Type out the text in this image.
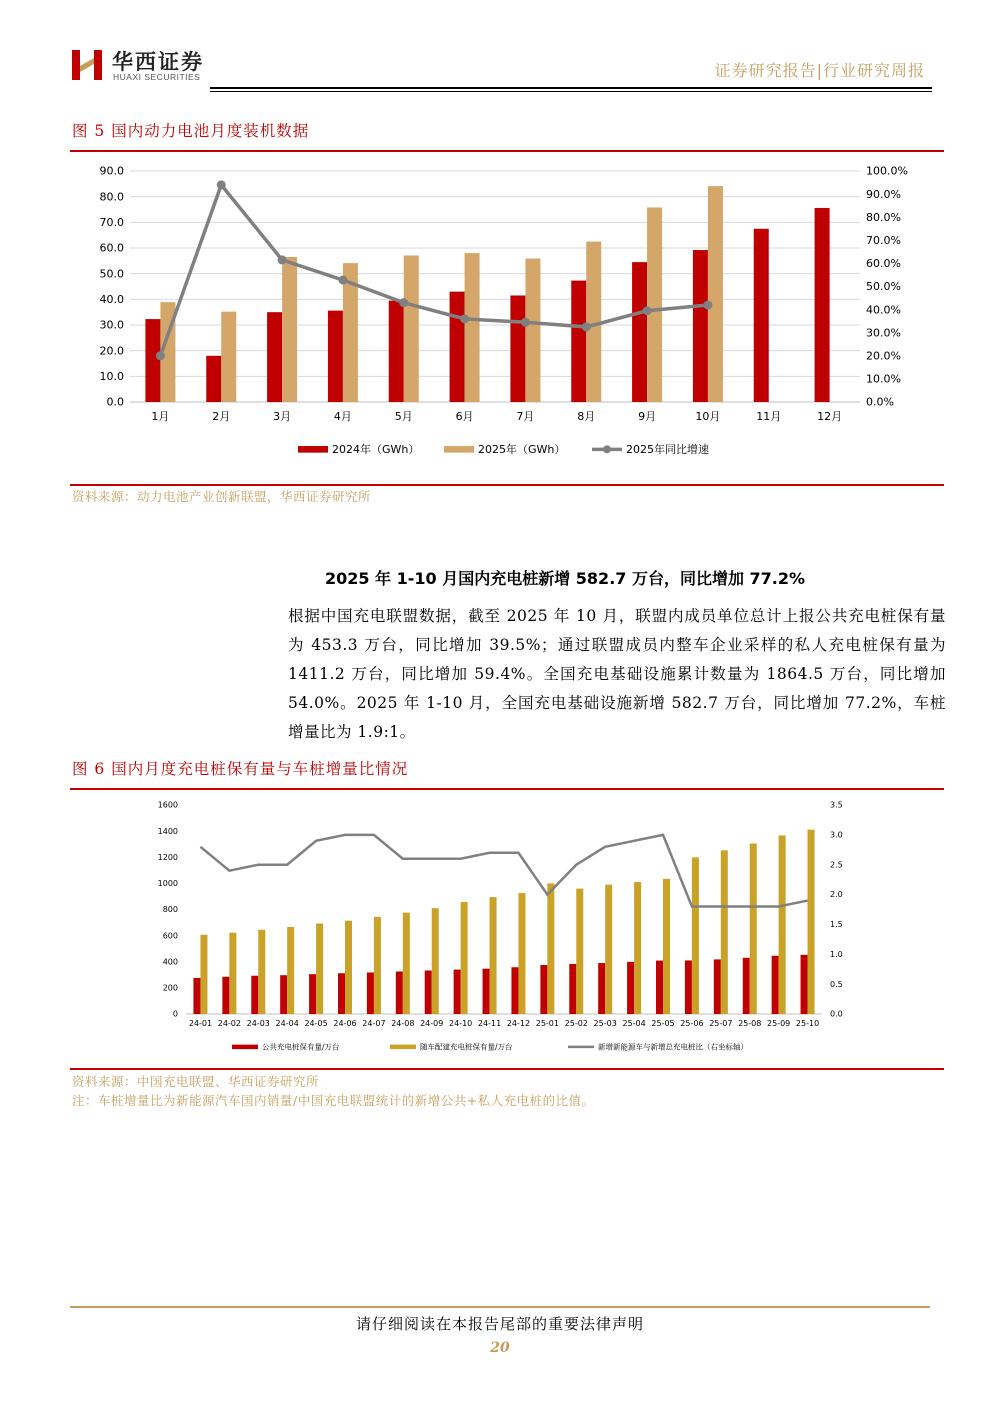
华西证券
HUAXI SECURITIES	证券研究报告|行业研究周报
图 5 国内动力电池月度装机数据
90.0
80.0
70.0
60.0
50.0
40.0
30.0
20.0
10.0
0.0
100.0%
90.0%
80.0%
70.0%
60.0%
50.0%
40.0%
30.0%
20.0%
10.0%
0.0%
1月	2月	3月	4月	5月	6月	7月	8月	9月	10月	11月	12月
2024年（GWh）	2025年（GWh）	2025年同比增速
资料来源：动力电池产业创新联盟，华西证券研究所
2025 年 1-10 月国内充电桩新增 582.7 万台，同比增加 77.2%
根据中国充电联盟数据，截至 2025 年 10 月，联盟内成员单位总计上报公共充电桩保有量为 453.3 万台，同比增加 39.5%；通过联盟成员内整车企业采样的私人充电桩保有量为 1411.2 万台，同比增加 59.4%。全国充电基础设施累计数量为 1864.5 万台，同比增加 54.0%。2025 年 1-10 月，全国充电基础设施新增 582.7 万台，同比增加 77.2%，车桩增量比为 1.9:1。
图 6 国内月度充电桩保有量与车桩增量比情况
1600
1400
1200
1000
800
600
400
200
0
3.5
3.0
2.5
2.0
1.5
1.0
0.5
0.0
24-01 24-02 24-03 24-04 24-05 24-06 24-07 24-08 24-09 24-10 24-11 24-12 25-01 25-02 25-03 25-04 25-05 25-06 25-07 25-08 25-09 25-10
公共充电桩保有量/万台	随车配建充电桩保有量/万台	新增新能源车与新增总充电桩比（右坐标轴）
资料来源：中国充电联盟、华西证券研究所
注：车桩增量比为新能源汽车国内销量/中国充电联盟统计的新增公共+私人充电桩的比值。
请仔细阅读在本报告尾部的重要法律声明
20
